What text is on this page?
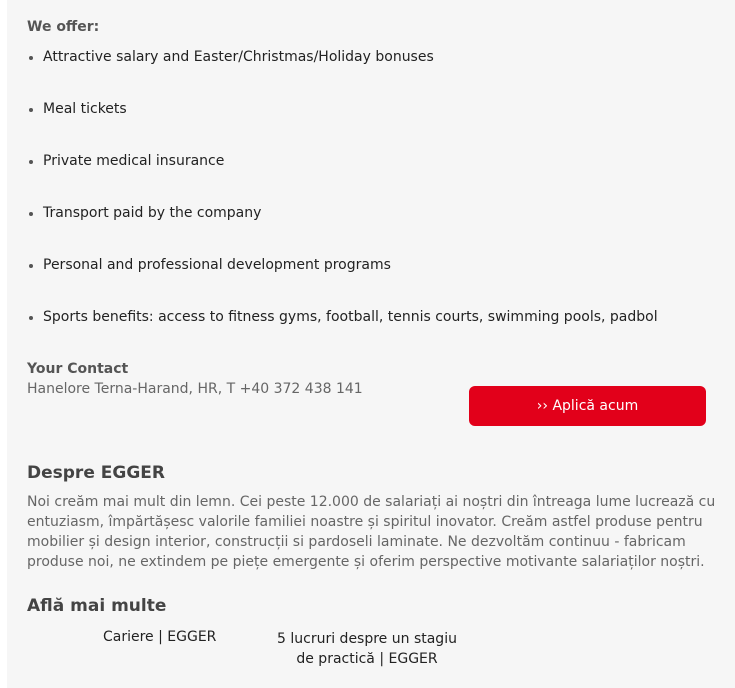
We offer:
Attractive salary and Easter/Christmas/Holiday bonuses
Meal tickets
Private medical insurance
Transport paid by the company
Personal and professional development programs
Sports benefits: access to fitness gyms, football, tennis courts, swimming pools, padbol
Your Contact

Hanelore Terna-Harand, HR, T +40 372 438 141

›› Aplică acum
Despre EGGER

Noi creăm mai mult din lemn. Cei peste 12.000 de salariați ai noștri din întreaga lume lucrează cu entuziasm, împărtășesc valorile familiei noastre și spiritul inovator. Creăm astfel produse pentru mobilier și design interior, construcții si pardoseli laminate. Ne dezvoltăm continuu - fabricam produse noi, ne extindem pe piețe emergente și oferim perspective motivante salariaților noștri.

Află mai multe
Cariere | EGGER	5 lucruri despre un stagiu de practică | EGGER
